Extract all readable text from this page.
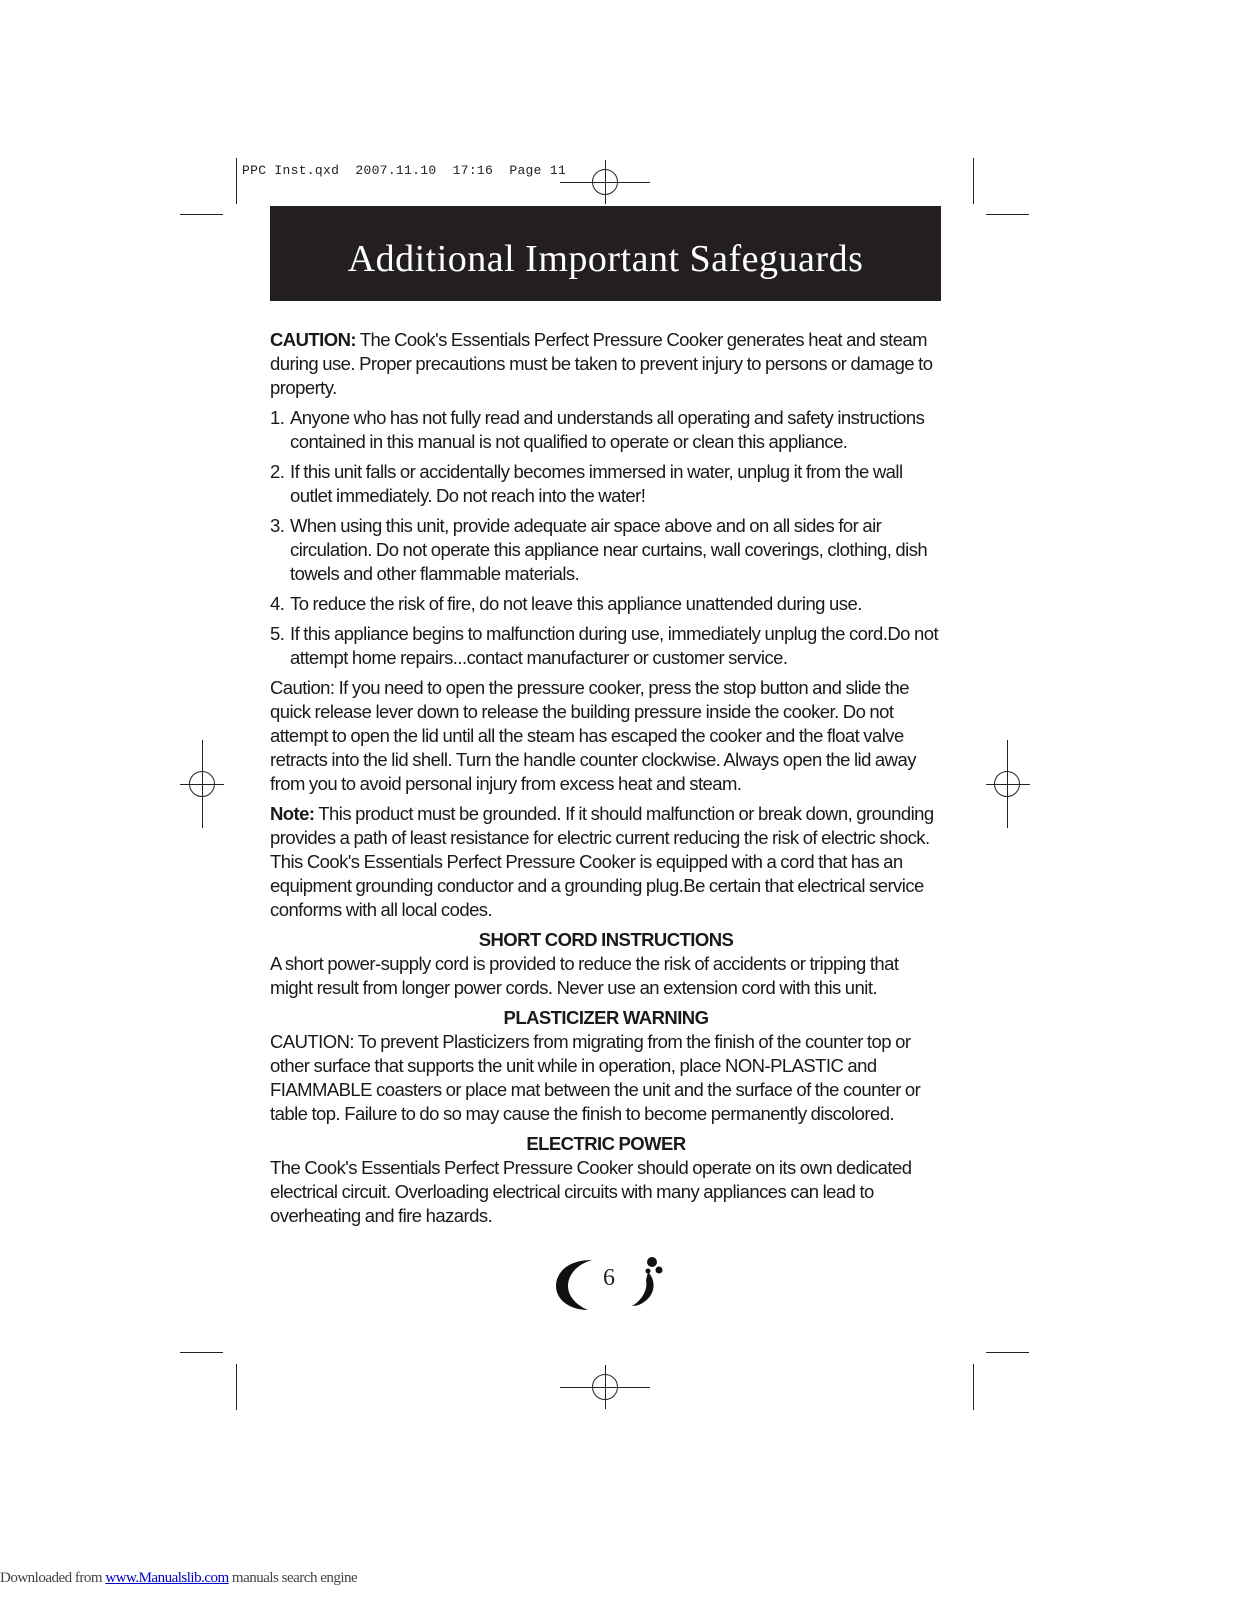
PPC Inst.qxd  2007.11.10  17:16  Page 11
Additional Important Safeguards

CAUTION: The Cook's Essentials Perfect Pressure Cooker generates heat and steam during use. Proper precautions must be taken to prevent injury to persons or damage to property.

1. Anyone who has not fully read and understands all operating and safety instructions contained in this manual is not qualified to operate or clean this appliance.
2. If this unit falls or accidentally becomes immersed in water, unplug it from the wall outlet immediately. Do not reach into the water!
3. When using this unit, provide adequate air space above and on all sides for air circulation. Do not operate this appliance near curtains, wall coverings, clothing, dish towels and other flammable materials.
4. To reduce the risk of fire, do not leave this appliance unattended during use.
5. If this appliance begins to malfunction during use, immediately unplug the cord.Do not attempt home repairs...contact manufacturer or customer service.

Caution: If you need to open the pressure cooker, press the stop button and slide the quick release lever down to release the building pressure inside the cooker. Do not attempt to open the lid until all the steam has escaped the cooker and the float valve retracts into the lid shell. Turn the handle counter clockwise. Always open the lid away from you to avoid personal injury from excess heat and steam.

Note: This product must be grounded. If it should malfunction or break down, grounding provides a path of least resistance for electric current reducing the risk of electric shock. This Cook's Essentials Perfect Pressure Cooker is equipped with a cord that has an equipment grounding conductor and a grounding plug.Be certain that electrical service conforms with all local codes.

SHORT CORD INSTRUCTIONS

A short power-supply cord is provided to reduce the risk of accidents or tripping that might result from longer power cords. Never use an extension cord with this unit.

PLASTICIZER WARNING

CAUTION: To prevent Plasticizers from migrating from the finish of the counter top or other surface that supports the unit while in operation, place NON-PLASTIC and FIAMMABLE coasters or place mat between the unit and the surface of the counter or table top. Failure to do so may cause the finish to become permanently discolored.

ELECTRIC POWER

The Cook's Essentials Perfect Pressure Cooker should operate on its own dedicated electrical circuit. Overloading electrical circuits with many appliances can lead to overheating and fire hazards.

6
Downloaded from www.Manualslib.com manuals search engine
